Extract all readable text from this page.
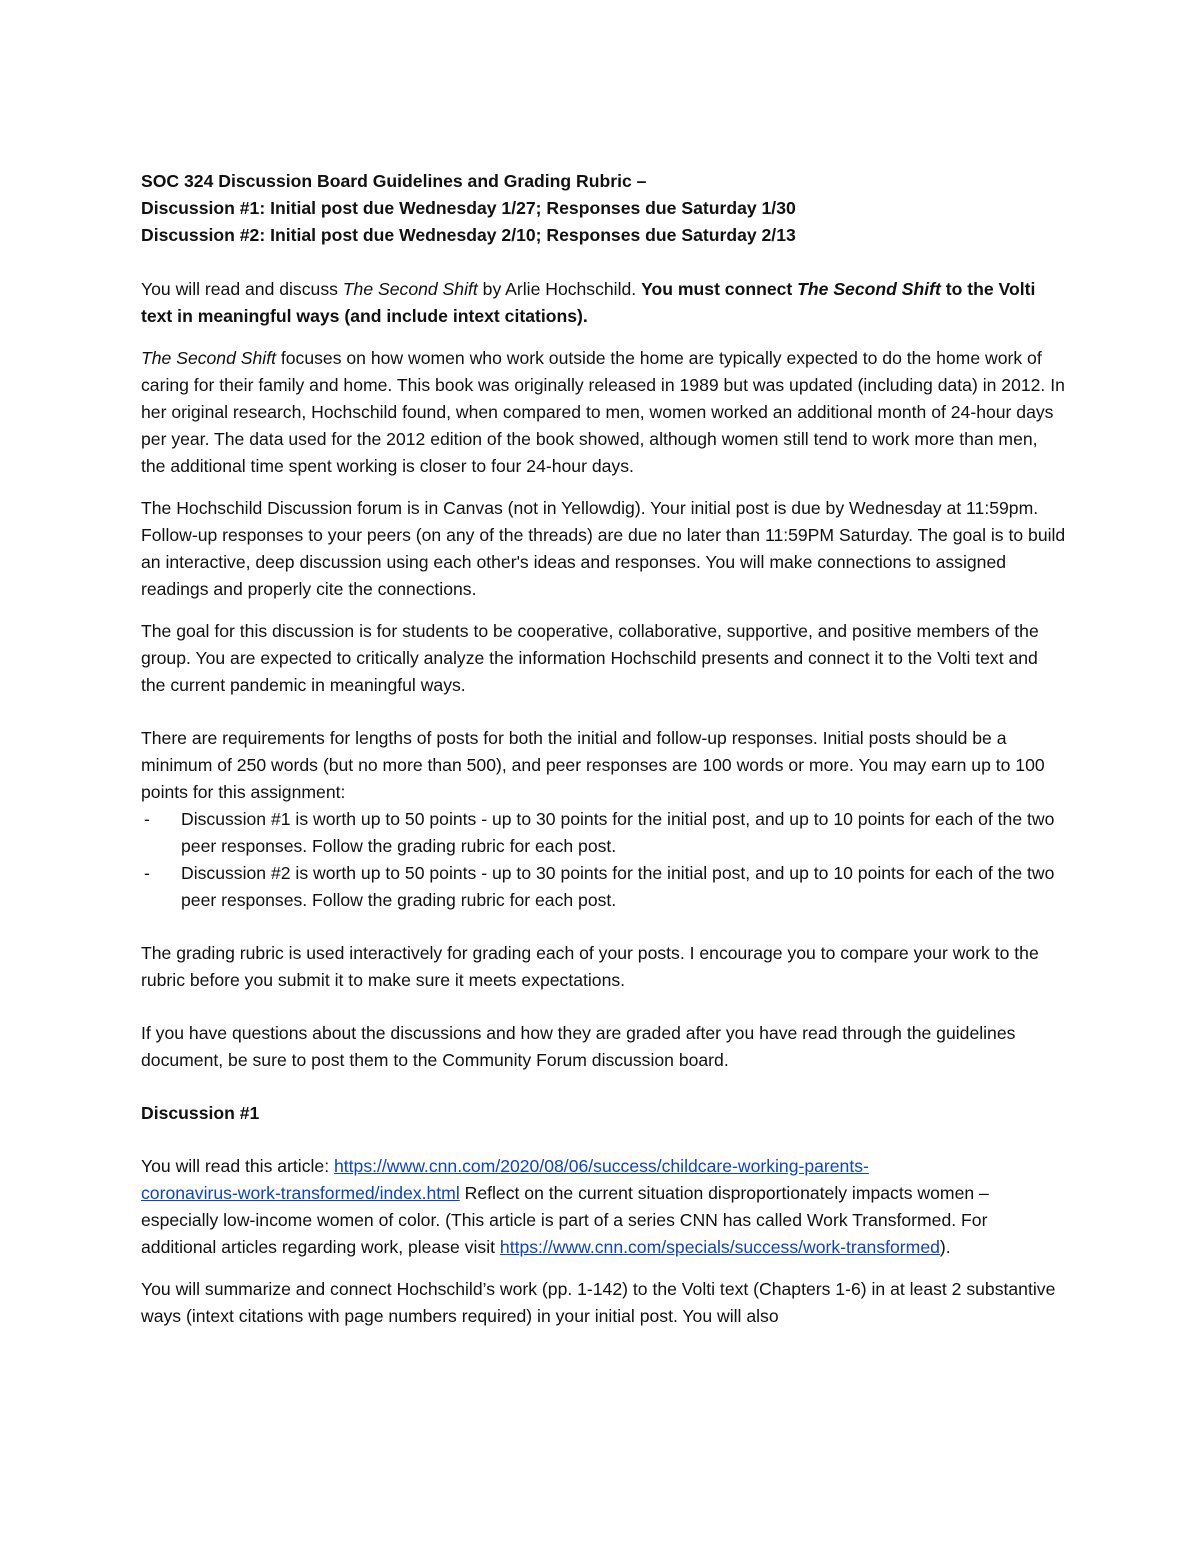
SOC 324 Discussion Board Guidelines and Grading Rubric –

Discussion #1: Initial post due Wednesday 1/27; Responses due Saturday 1/30

Discussion #2: Initial post due Wednesday 2/10; Responses due Saturday 2/13

You will read and discuss The Second Shift by Arlie Hochschild. You must connect The Second Shift to the Volti text in meaningful ways (and include intext citations).

The Second Shift focuses on how women who work outside the home are typically expected to do the home work of caring for their family and home. This book was originally released in 1989 but was updated (including data) in 2012. In her original research, Hochschild found, when compared to men, women worked an additional month of 24-hour days per year. The data used for the 2012 edition of the book showed, although women still tend to work more than men, the additional time spent working is closer to four 24-hour days.

The Hochschild Discussion forum is in Canvas (not in Yellowdig). Your initial post is due by Wednesday at 11:59pm. Follow-up responses to your peers (on any of the threads) are due no later than 11:59PM Saturday. The goal is to build an interactive, deep discussion using each other's ideas and responses. You will make connections to assigned readings and properly cite the connections.

The goal for this discussion is for students to be cooperative, collaborative, supportive, and positive members of the group. You are expected to critically analyze the information Hochschild presents and connect it to the Volti text and the current pandemic in meaningful ways.

There are requirements for lengths of posts for both the initial and follow-up responses. Initial posts should be a minimum of 250 words (but no more than 500), and peer responses are 100 words or more. You may earn up to 100 points for this assignment:

- Discussion #1 is worth up to 50 points - up to 30 points for the initial post, and up to 10 points for each of the two peer responses. Follow the grading rubric for each post.
- Discussion #2 is worth up to 50 points - up to 30 points for the initial post, and up to 10 points for each of the two peer responses. Follow the grading rubric for each post.

The grading rubric is used interactively for grading each of your posts. I encourage you to compare your work to the rubric before you submit it to make sure it meets expectations.

If you have questions about the discussions and how they are graded after you have read through the guidelines document, be sure to post them to the Community Forum discussion board.

Discussion #1

You will read this article: https://www.cnn.com/2020/08/06/success/childcare-working-parents-
coronavirus-work-transformed/index.html Reflect on the current situation disproportionately impacts women – especially low-income women of color. (This article is part of a series CNN has called Work Transformed. For additional articles regarding work, please visit https://www.cnn.com/specials/success/work-transformed).

You will summarize and connect Hochschild’s work (pp. 1-142) to the Volti text (Chapters 1-6) in at least 2 substantive ways (intext citations with page numbers required) in your initial post. You will also
